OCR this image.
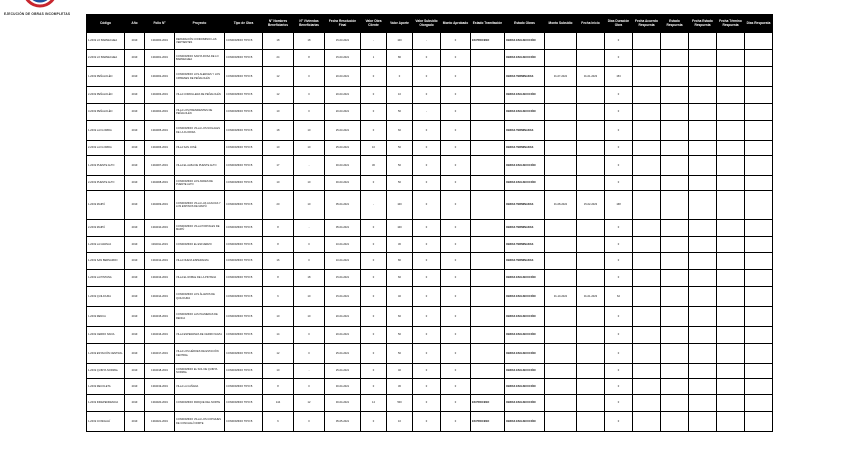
EJECUCIÓN DE OBRAS INCOMPLETAS
Código	Año	Folio N°	Proyecto	Tipo de Obra	N° Nombres Beneficiarios	N° Viviendas Beneficiarias	Fecha Resolución Final	Valor Obra Cliente	Valor Aporte	Valor Subsidio Otorgado	Monto Aprobado	Estado Tramitación	Estado Obras	Monto Subsidio	Fecha Inicio	Días Duración Obra	Fecha Acuerdo Respuesta	Estado Respuesta	Fecha Estado Respuesta	Fecha Término Respuesta	Días Respuesta
1-2019 LO BARNECHEA	2019	1394000-2019	REPARACIÓN CONDOMINIO LAS VERTIENTES	CONDOMINIO TIPO B	18	18	15-03-2021	-	100	-	0	EN PROCESO	OBRAS EN EJECUCIÓN			0					
2-2019 LO BARNECHEA	2019	1394001-2019	CONDOMINIO SANTA ROSA DE LO BARNECHEA	CONDOMINIO TIPO B	24	8	15-03-2021	1	80	0	0		OBRAS EN EJECUCIÓN			0					
1-2019 PEÑALOLÉN	2019	1394002-2019	CONDOMINIO LOS ALERCES Y LOS CIPRESES DE PEÑALOLÉN	CONDOMINIO TIPO B	12	0	20-03-2021	0	0	0	0		OBRAS TERMINADAS	31-07-2022	01-01-2023	153					
2-2019 PEÑALOLÉN	2019	1394003-2019	VILLA CORDILLERA DE PEÑALOLÉN	CONDOMINIO TIPO B	12	0	20-03-2021	0	10	0	0		OBRAS EN EJECUCIÓN			0					
3-2019 PEÑALOLÉN	2019	1394004-2019	VILLA LOS PRESIDENTES DE PEÑALOLÉN	CONDOMINIO TIPO B	10	0	20-03-2021	0	50	-	0		OBRAS EN EJECUCIÓN			0					
1-2019 LA FLORIDA	2019	1394005-2019	CONDOMINIO VILLA LOS NOGALES DE LA FLORIDA	CONDOMINIO TIPO B	18	10	25-03-2021	0	60	0	0		OBRAS TERMINADAS			0					
2-2019 LA FLORIDA	2019	1394006-2019	VILLA SAN JOSÉ	CONDOMINIO TIPO B	10	10	25-03-2021	10	50	0	0		OBRAS TERMINADAS			0					
1-2019 PUENTE ALTO	2019	1394007-2019	VILLA EL ALBA DE PUENTE ALTO	CONDOMINIO TIPO B	17	-	30-03-2021	30	50	0	0		OBRAS EN EJECUCIÓN			0					
2-2019 PUENTE ALTO	2019	1394008-2019	CONDOMINIO LOS ANDES DE PUENTE ALTO	CONDOMINIO TIPO B	10	10	30-03-2021	0	50	0	0		OBRAS EN EJECUCIÓN			0					
1-2019 MAIPÚ	2019	1394009-2019	CONDOMINIO VILLA LAS ACACIAS Y LOS ESPINOS DE MAIPÚ	CONDOMINIO TIPO B	20	10	05-04-2021	-	100	0	0		OBRAS TERMINADAS	31-08-2022	15-02-2023	168					
2-2019 MAIPÚ	2019	1394010-2019	CONDOMINIO VILLA PORTALES DE MAIPÚ	CONDOMINIO TIPO B	8	-	05-04-2021	0	100	0	0		OBRAS TERMINADAS			0					
1-2019 LA GRANJA	2019	1394011-2019	CONDOMINIO EL ESFUERZO	CONDOMINIO TIPO B	8	0	10-04-2021	0	30	0	0		OBRAS TERMINADAS			0					
1-2019 SAN BERNARDO	2019	1394012-2019	VILLA NUEVA ESPERANZA	CONDOMINIO TIPO B	16	0	10-04-2021	0	80	0	0		OBRAS TERMINADAS			0					
1-2019 LA PINTANA	2019	1394013-2019	VILLA EL ROBLE DE LA PINTANA	CONDOMINIO TIPO B	8	18	15-04-2021	0	60	0	0		OBRAS EN EJECUCIÓN			0					
1-2019 QUILICURA	2019	1394014-2019	CONDOMINIO LOS ÁLAMOS DE QUILICURA	CONDOMINIO TIPO B	6	10	15-04-2021	0	40	0	0		OBRAS EN EJECUCIÓN	31-10-2022	01-01-2023	62					
1-2019 RENCA	2019	1394015-2019	CONDOMINIO LAS PALMERAS DE RENCA	CONDOMINIO TIPO B	10	10	20-04-2021	0	60	0	0		OBRAS EN EJECUCIÓN			0					
1-2019 CERRO NAVIA	2019	1394016-2019	VILLA ESPERANZA DE CERRO NAVIA	CONDOMINIO TIPO B	14	0	20-04-2021	0	50	0	0		OBRAS EN EJECUCIÓN			0					
1-2019 ESTACIÓN CENTRAL	2019	1394017-2019	VILLA LOS HÉROES DE ESTACIÓN CENTRAL	CONDOMINIO TIPO B	12	0	25-04-2021	0	50	0	0		OBRAS EN EJECUCIÓN			0					
1-2019 QUINTA NORMAL	2019	1394018-2019	CONDOMINIO EL SOL DE QUINTA NORMAL	CONDOMINIO TIPO B	10	-	25-04-2021	0	40	0	0		OBRAS EN EJECUCIÓN			0					
1-2019 RECOLETA	2019	1394019-2019	VILLA LA CAÑADA	CONDOMINIO TIPO B	8	0	30-04-2021	0	30	0	0		OBRAS EN EJECUCIÓN			0					
1-2019 INDEPENDENCIA	2019	1394020-2019	CONDOMINIO PARQUE DEL NORTE	CONDOMINIO TIPO B	144	12	30-04-2021	14	500	0	0	EN PROCESO	OBRAS EN EJECUCIÓN			0					
1-2019 CONCHALÍ	2019	1394021-2019	CONDOMINIO VILLA LOS COPIHUES DE CONCHALÍ NORTE	CONDOMINIO TIPO B	6	0	05-05-2021	0	10	0	0	EN PROCESO	OBRAS EN EJECUCIÓN			0					
